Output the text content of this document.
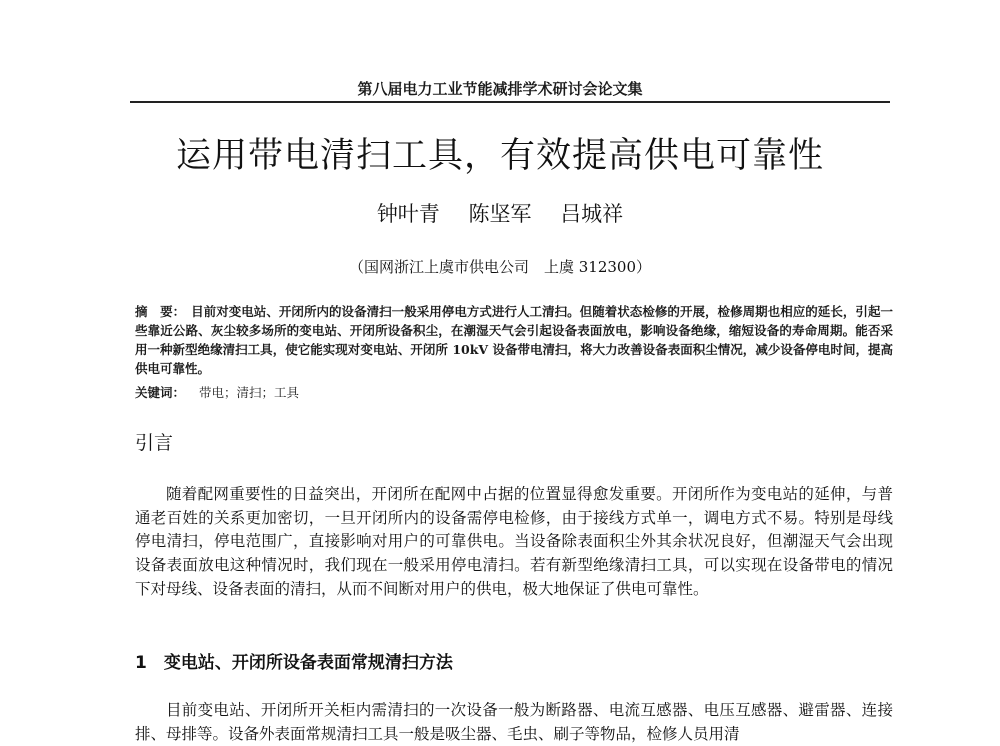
第八届电力工业节能减排学术研讨会论文集
运用带电清扫工具，有效提高供电可靠性
钟叶青 陈坚军 吕城祥
（国网浙江上虞市供电公司　上虞 312300）
摘　要： 目前对变电站、开闭所内的设备清扫一般采用停电方式进行人工清扫。但随着状态检修的开展，检修周期也相应的延长，引起一些靠近公路、灰尘较多场所的变电站、开闭所设备积尘，在潮湿天气会引起设备表面放电，影响设备绝缘，缩短设备的寿命周期。能否采用一种新型绝缘清扫工具，使它能实现对变电站、开闭所 10kV 设备带电清扫，将大力改善设备表面积尘情况，减少设备停电时间，提高供电可靠性。
关键词： 带电；清扫；工具
引言
随着配网重要性的日益突出，开闭所在配网中占据的位置显得愈发重要。开闭所作为变电站的延伸，与普通老百姓的关系更加密切，一旦开闭所内的设备需停电检修，由于接线方式单一，调电方式不易。特别是母线停电清扫，停电范围广，直接影响对用户的可靠供电。当设备除表面积尘外其余状况良好，但潮湿天气会出现设备表面放电这种情况时，我们现在一般采用停电清扫。若有新型绝缘清扫工具，可以实现在设备带电的情况下对母线、设备表面的清扫，从而不间断对用户的供电，极大地保证了供电可靠性。
1　变电站、开闭所设备表面常规清扫方法
目前变电站、开闭所开关柜内需清扫的一次设备一般为断路器、电流互感器、电压互感器、避雷器、连接排、母排等。设备外表面常规清扫工具一般是吸尘器、毛虫、刷子等物品，检修人员用清
